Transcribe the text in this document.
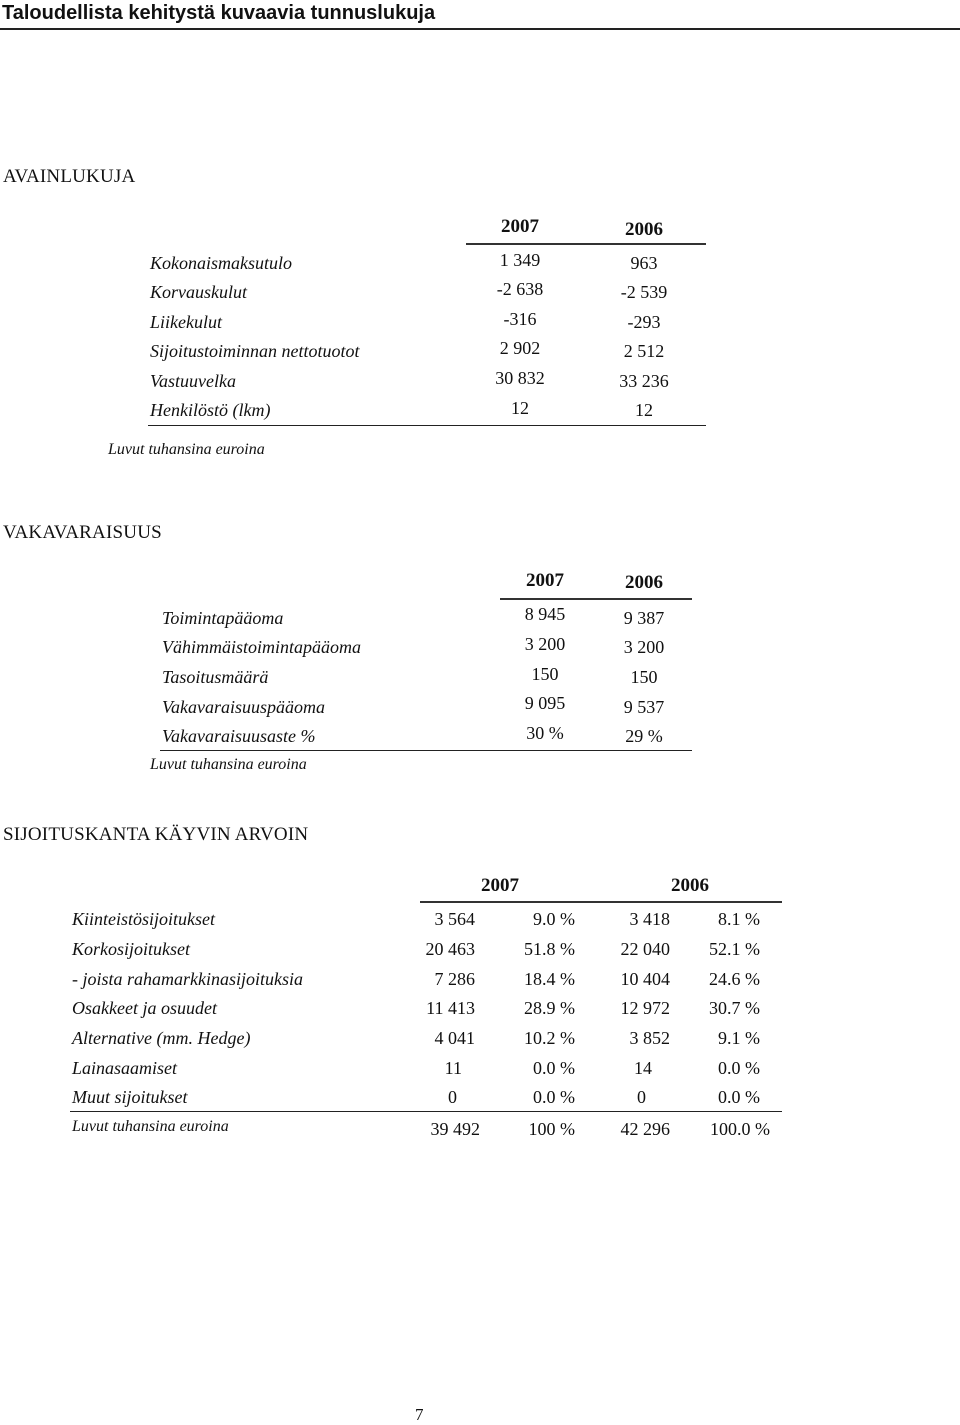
Taloudellista kehitystä kuvaavia tunnuslukuja
AVAINLUKUJA
2007	2006
Kokonaismaksutulo	1 349	963
Korvauskulut	-2 638	-2 539
Liikekulut	-316	-293
Sijoitustoiminnan nettotuotot	2 902	2 512
Vastuuvelka	30 832	33 236
Henkilöstö (lkm)	12	12
Luvut tuhansina euroina
VAKAVARAISUUS
2007	2006
Toimintapääoma	8 945	9 387
Vähimmäistoimintapääoma	3 200	3 200
Tasoitusmäärä	150	150
Vakavaraisuuspääoma	9 095	9 537
Vakavaraisuusaste %	30 %	29 %
Luvut tuhansina euroina
SIJOITUSKANTA KÄYVIN ARVOIN
2007	2006
Kiinteistösijoitukset	3 564	9.0 %	3 418	8.1 %
Korkosijoitukset	20 463	51.8 %	22 040	52.1 %
- joista rahamarkkinasijoituksia	7 286	18.4 %	10 404	24.6 %
Osakkeet ja osuudet	11 413	28.9 %	12 972	30.7 %
Alternative (mm. Hedge)	4 041	10.2 %	3 852	9.1 %
Lainasaamiset	11	0.0 %	14	0.0 %
Muut sijoitukset	0	0.0 %	0	0.0 %
Luvut tuhansina euroina	39 492	100 %	42 296	100.0 %
7
